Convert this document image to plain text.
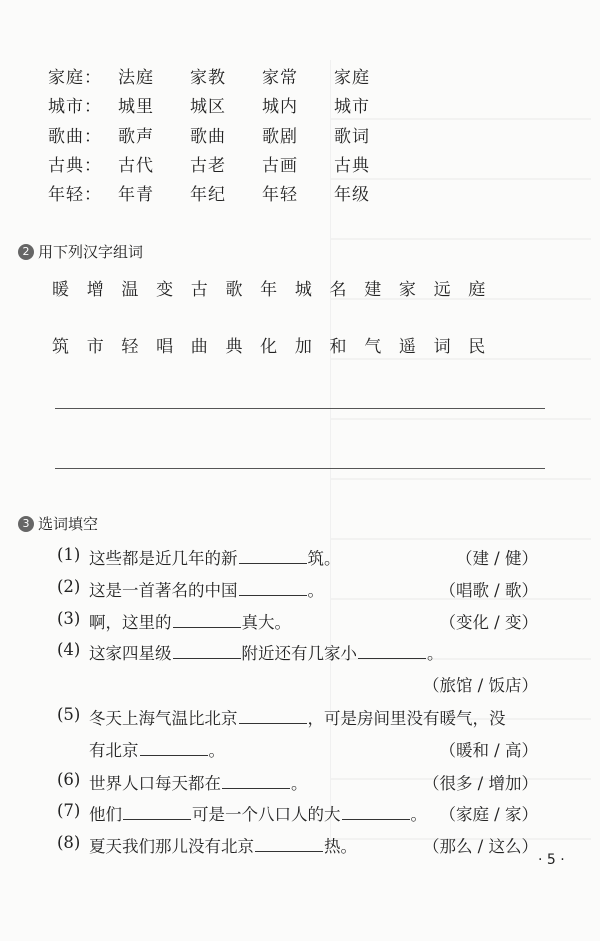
家庭： 法庭	家教	家常	家庭
城市： 城里	城区	城内	城市
歌曲： 歌声	歌曲	歌剧	歌词
古典： 古代	古老	古画	古典
年轻： 年青	年纪	年轻	年级
2 用下列汉字组词
暖	增	温	变	古	歌	年	城	名	建	家	远	庭
筑	市	轻	唱	曲	典	化	加	和	气	遥	词	民
3 选词填空
(1) 这些都是近几年的新	筑。	（建 / 健）
(2) 这是一首著名的中国	。	（唱歌 / 歌）
(3) 啊，这里的	真大。	（变化 / 变）
(4) 这家四星级	附近还有几家小	。
（旅馆 / 饭店）
(5) 冬天上海气温比北京	，可是房间里没有暖气，没
有北京	。	（暖和 / 高）
(6) 世界人口每天都在	。	（很多 / 增加）
(7) 他们	可是一个八口人的大	。 （家庭 / 家）
(8) 夏天我们那儿没有北京	热。	（那么 / 这么）
· 5 ·
